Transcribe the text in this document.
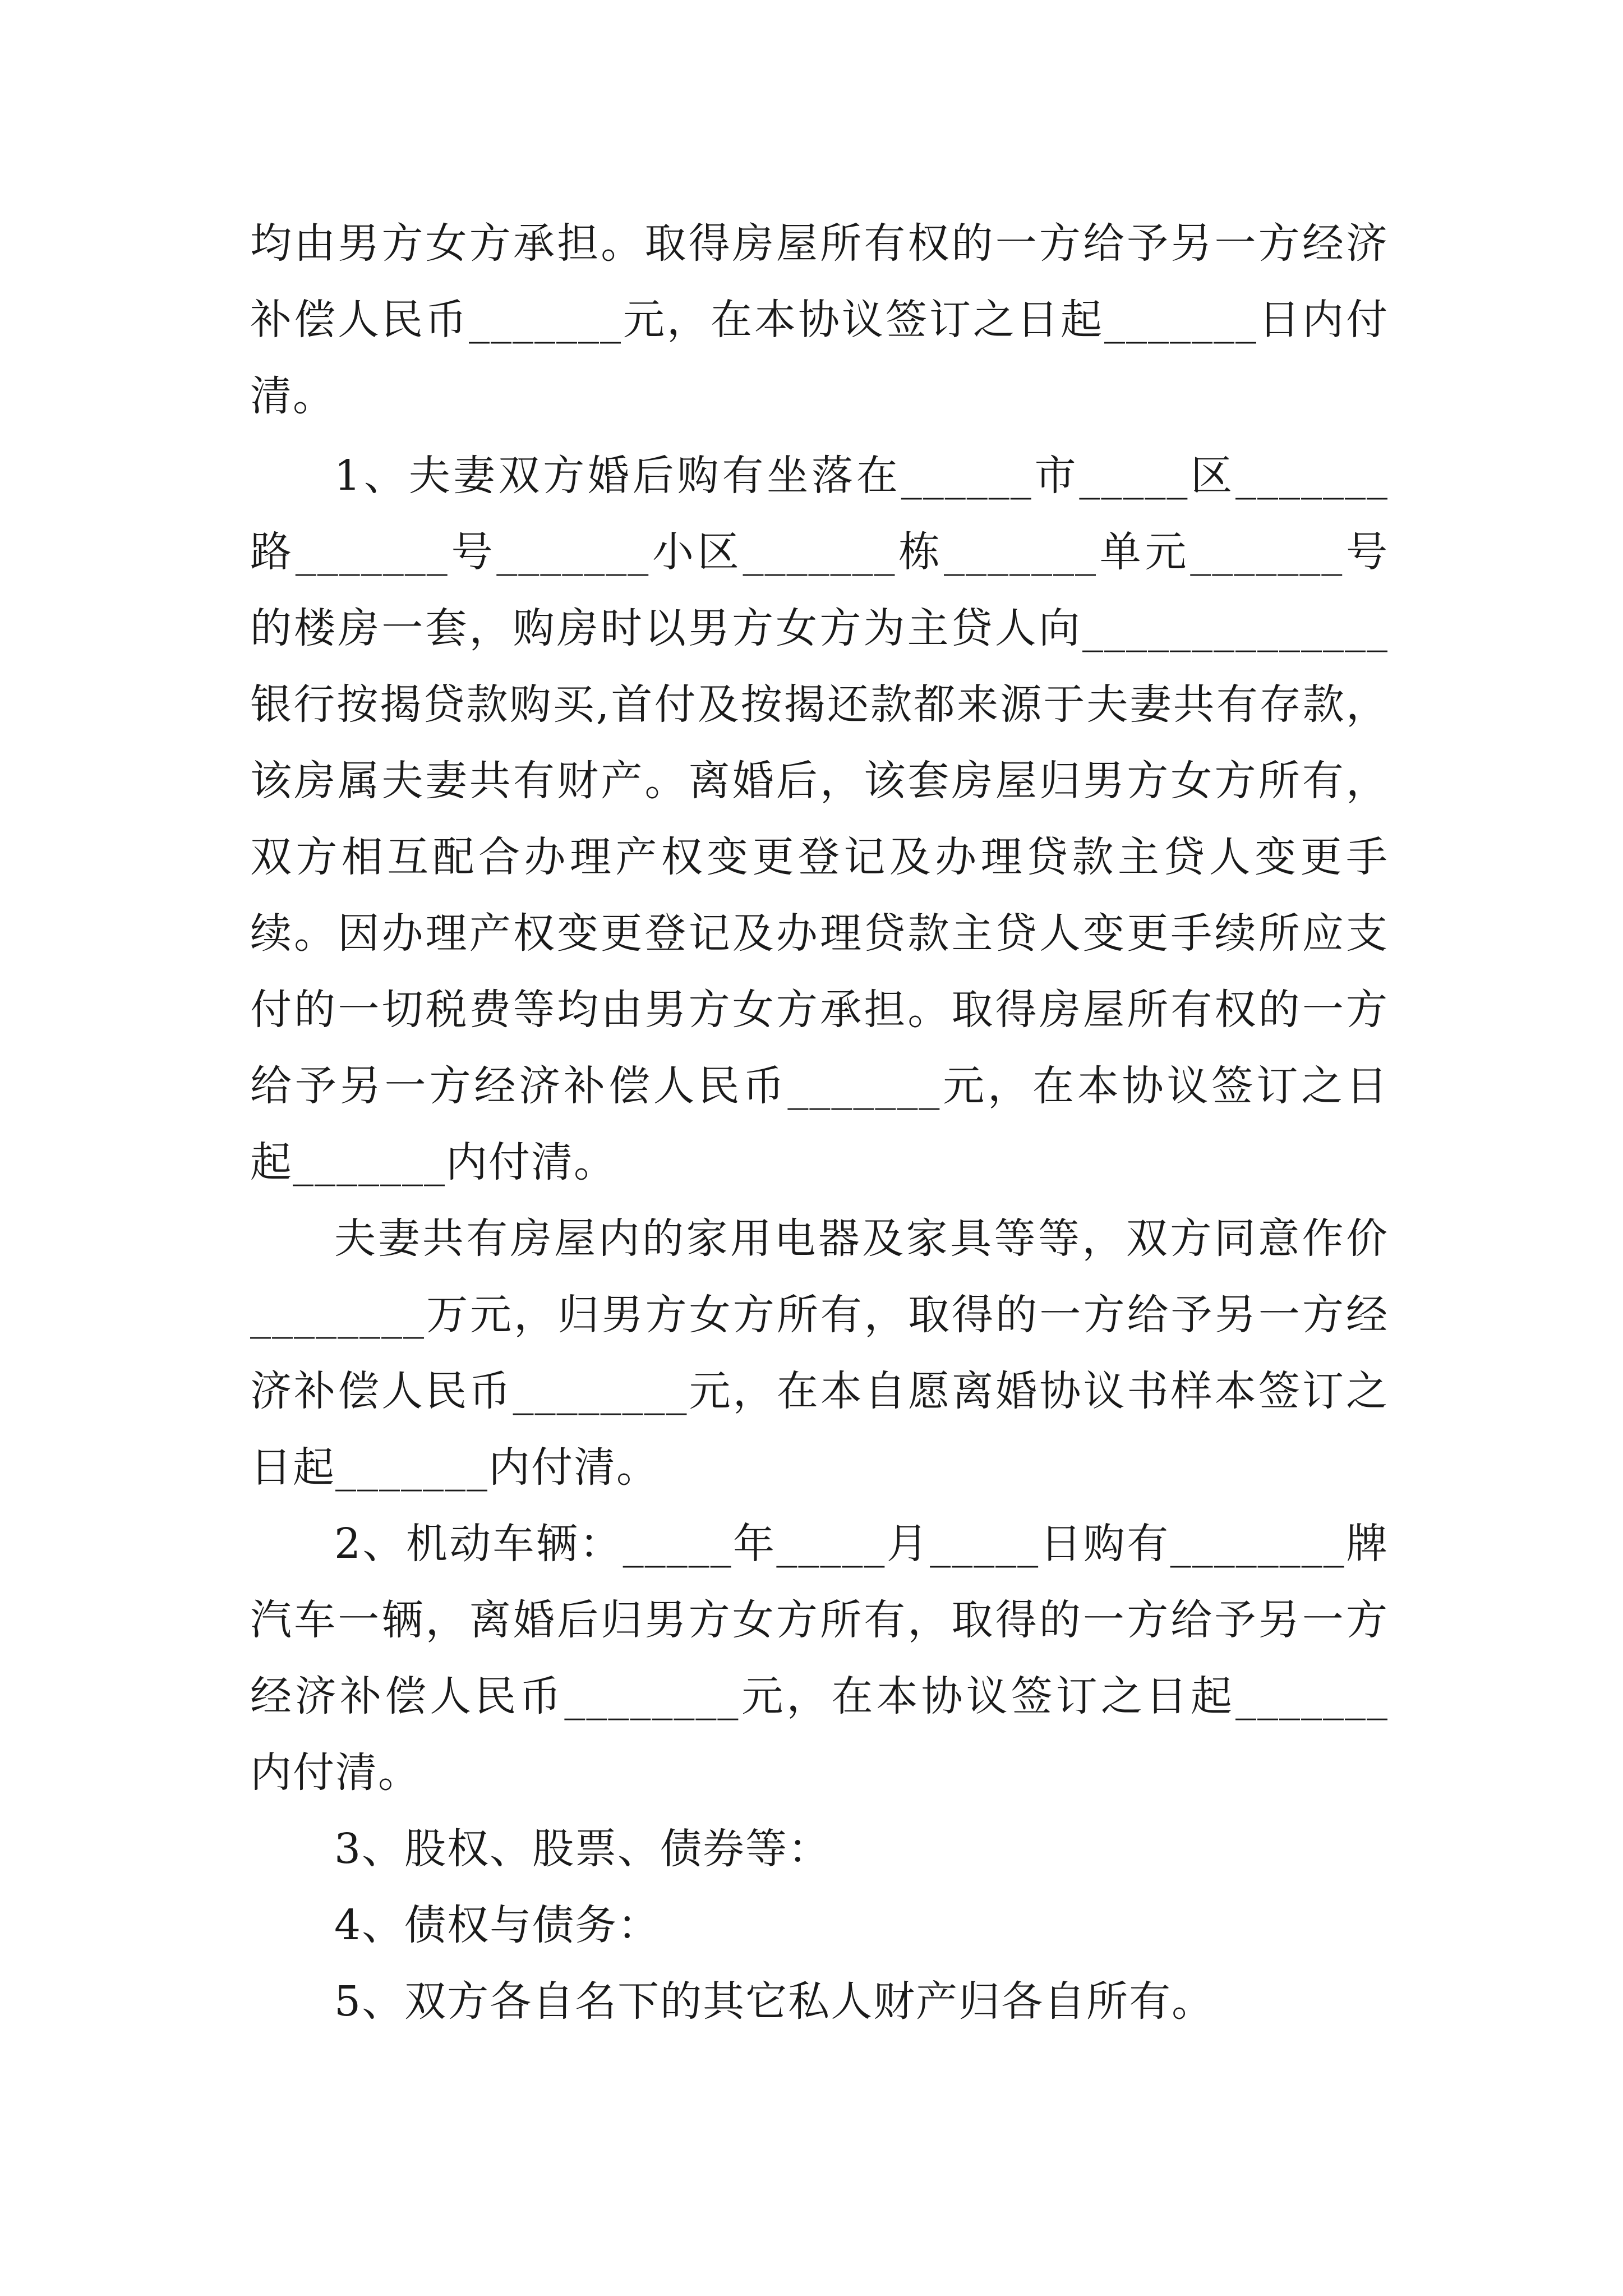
均由男方女方承担。取得房屋所有权的一方给予另一方经济
补偿人民币_______元，在本协议签订之日起_______日内付
清。
1、夫妻双方婚后购有坐落在______市_____区_______
路_______号_______小区_______栋_______单元_______号
的楼房一套，购房时以男方女方为主贷人向______________
银行按揭贷款购买,首付及按揭还款都来源于夫妻共有存款，
该房属夫妻共有财产。离婚后，该套房屋归男方女方所有，
双方相互配合办理产权变更登记及办理贷款主贷人变更手
续。因办理产权变更登记及办理贷款主贷人变更手续所应支
付的一切税费等均由男方女方承担。取得房屋所有权的一方
给予另一方经济补偿人民币_______元，在本协议签订之日
起_______内付清。
夫妻共有房屋内的家用电器及家具等等，双方同意作价
________万元，归男方女方所有，取得的一方给予另一方经
济补偿人民币________元，在本自愿离婚协议书样本签订之
日起_______内付清。
2、机动车辆：_____年_____月_____日购有________牌
汽车一辆，离婚后归男方女方所有，取得的一方给予另一方
经济补偿人民币________元，在本协议签订之日起_______
内付清。
3、股权、股票、债券等：
4、债权与债务：
5、双方各自名下的其它私人财产归各自所有。
